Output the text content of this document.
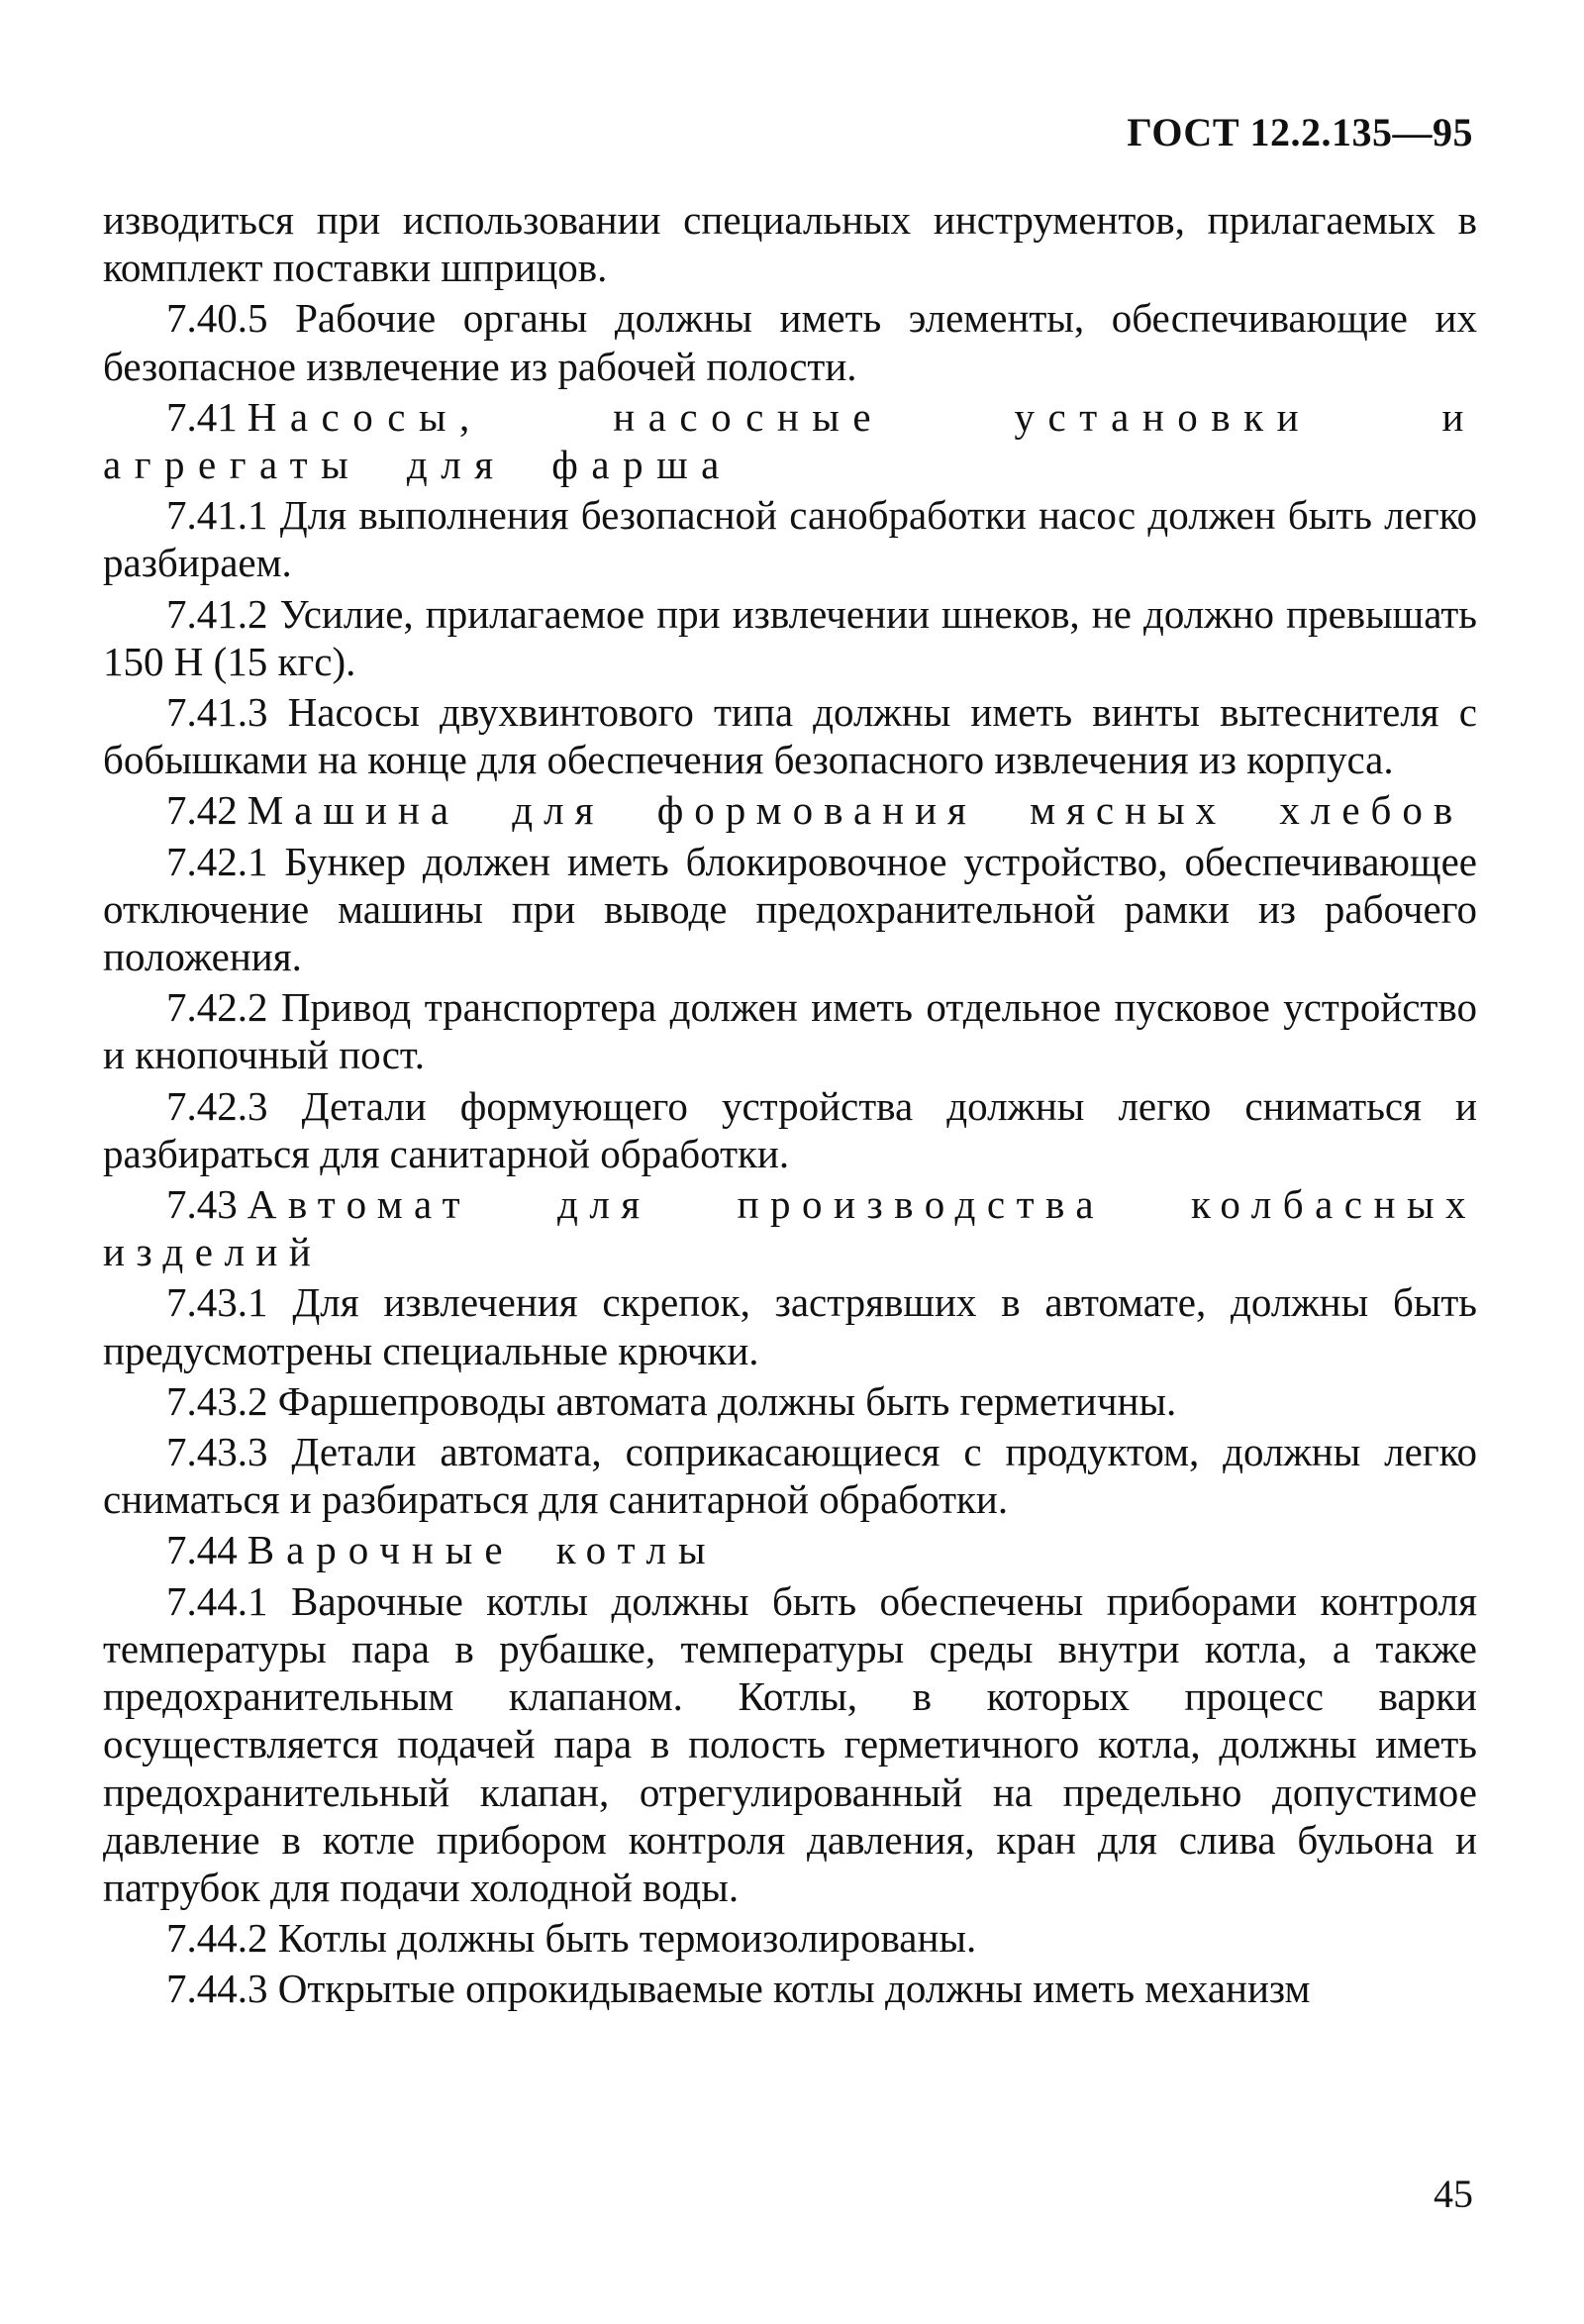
ГОСТ 12.2.135—95

изводиться при использовании специальных инструментов, прилагаемых в комплект поставки шприцов.

7.40.5 Рабочие органы должны иметь элементы, обеспечивающие их безопасное извлечение из рабочей полости.

7.41 Насосы, насосные установки и агрегаты для фарша

7.41.1 Для выполнения безопасной санобработки насос должен быть легко разбираем.

7.41.2 Усилие, прилагаемое при извлечении шнеков, не должно превышать 150 Н (15 кгс).

7.41.3 Насосы двухвинтового типа должны иметь винты вытеснителя с бобышками на конце для обеспечения безопасного извлечения из корпуса.

7.42 Машина для формования мясных хлебов

7.42.1 Бункер должен иметь блокировочное устройство, обеспечивающее отключение машины при выводе предохранительной рамки из рабочего положения.

7.42.2 Привод транспортера должен иметь отдельное пусковое устройство и кнопочный пост.

7.42.3 Детали формующего устройства должны легко сниматься и разбираться для санитарной обработки.

7.43 Автомат для производства колбасных изделий

7.43.1 Для извлечения скрепок, застрявших в автомате, должны быть предусмотрены специальные крючки.

7.43.2 Фаршепроводы автомата должны быть герметичны.

7.43.3 Детали автомата, соприкасающиеся с продуктом, должны легко сниматься и разбираться для санитарной обработки.

7.44 Варочные котлы

7.44.1 Варочные котлы должны быть обеспечены приборами контроля температуры пара в рубашке, температуры среды внутри котла, а также предохранительным клапаном. Котлы, в которых процесс варки осуществляется подачей пара в полость герметичного котла, должны иметь предохранительный клапан, отрегулированный на предельно допустимое давление в котле прибором контроля давления, кран для слива бульона и патрубок для подачи холодной воды.

7.44.2 Котлы должны быть термоизолированы.

7.44.3 Открытые опрокидываемые котлы должны иметь механизм

45
